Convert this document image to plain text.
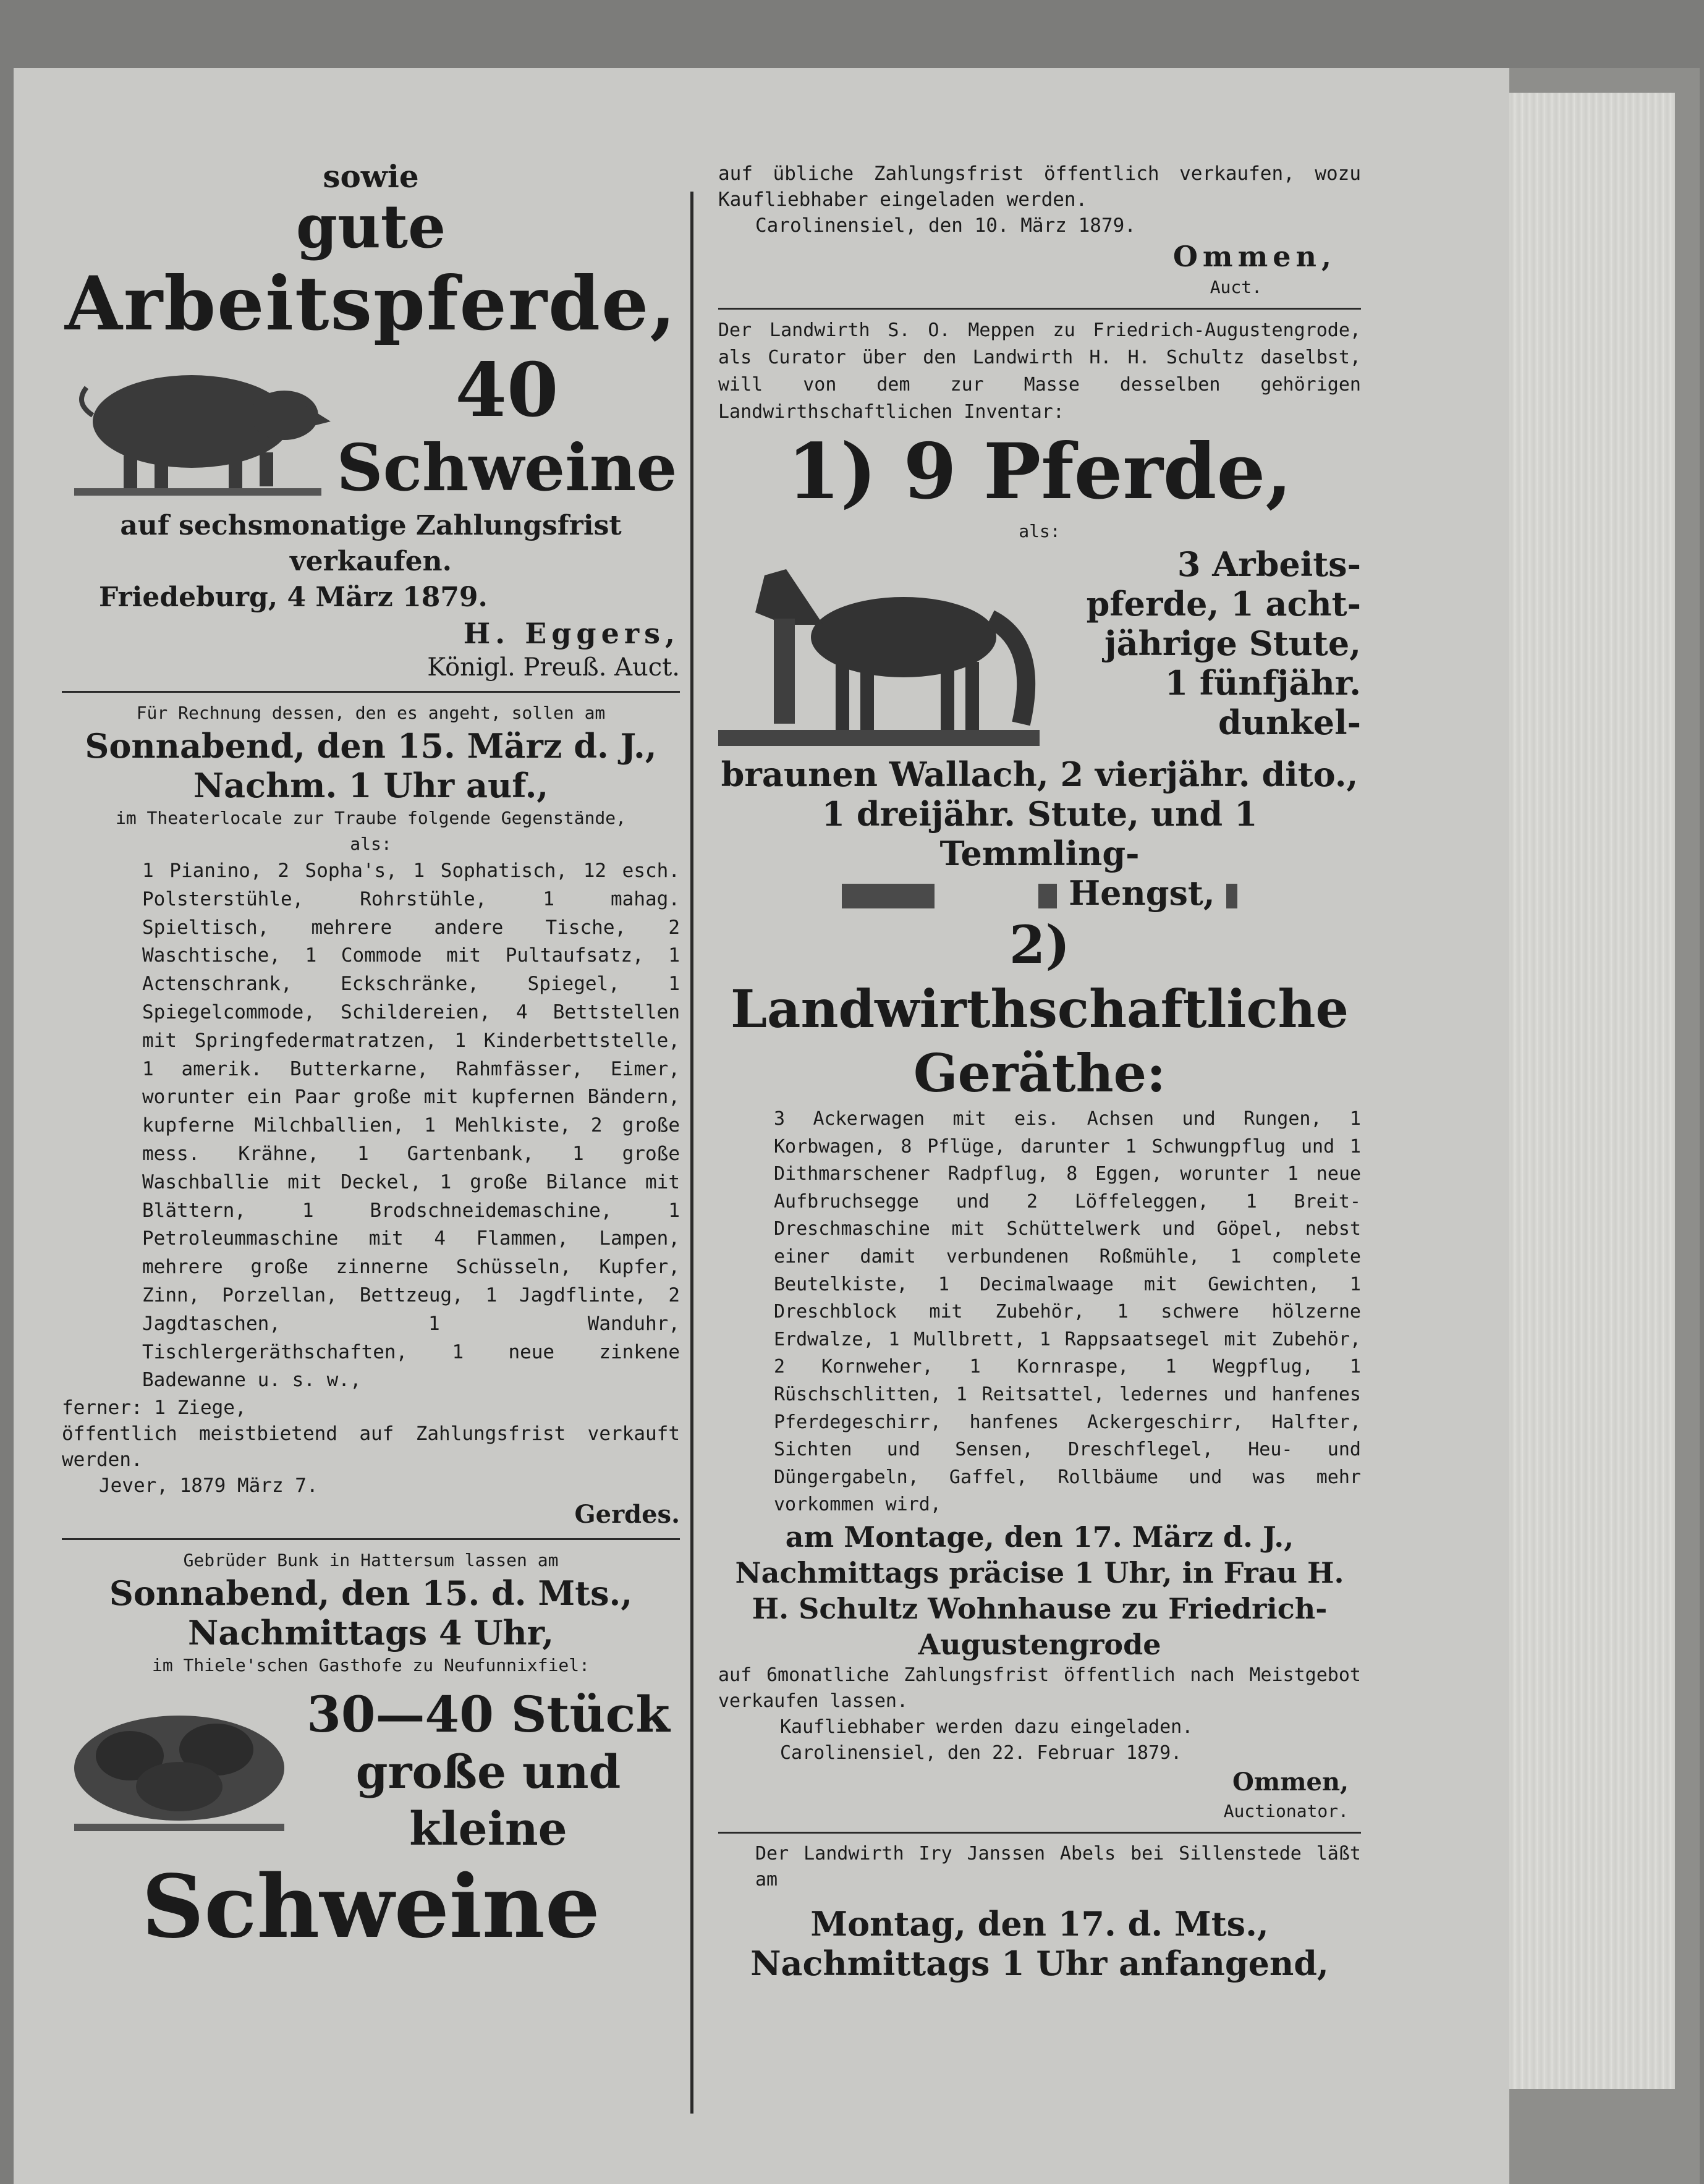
sowie

gute

Arbeitspferde,

40

Schweine

auf sechsmonatige Zahlungsfrist verkaufen.

Friedeburg, 4 März 1879.

H. Eggers,

Königl. Preuß. Auct.

Für Rechnung dessen, den es angeht, sollen am

Sonnabend, den 15. März d. J.,

Nachm. 1 Uhr auf.,

im Theaterlocale zur Traube folgende Gegenstände,

als:

1 Pianino, 2 Sopha's, 1 Sophatisch, 12 esch. Polsterstühle, Rohrstühle, 1 mahag. Spieltisch, mehrere andere Tische, 2 Waschtische, 1 Commode mit Pultaufsatz, 1 Actenschrank, Eckschränke, Spiegel, 1 Spiegelcommode, Schildereien, 4 Bettstellen mit Springfedermatratzen, 1 Kinderbettstelle, 1 amerik. Butterkarne, Rahmfässer, Eimer, worunter ein Paar große mit kupfernen Bändern, kupferne Milchballien, 1 Mehlkiste, 2 große mess. Krähne, 1 Gartenbank, 1 große Waschballie mit Deckel, 1 große Bilance mit Blättern, 1 Brodschneidemaschine, 1 Petroleummaschine mit 4 Flammen, Lampen, mehrere große zinnerne Schüsseln, Kupfer, Zinn, Porzellan, Bettzeug, 1 Jagdflinte, 2 Jagdtaschen, 1 Wanduhr, Tischlergeräthschaften, 1 neue zinkene Badewanne u. s. w.,

ferner: 1 Ziege,

öffentlich meistbietend auf Zahlungsfrist verkauft werden.

Jever, 1879 März 7.

Gerdes.

Gebrüder Bunk in Hattersum lassen am

Sonnabend, den 15. d. Mts.,

Nachmittags 4 Uhr,

im Thiele'schen Gasthofe zu Neufunnixfiel:

30—40 Stück

große und kleine

Schweine

auf übliche Zahlungsfrist öffentlich verkaufen, wozu Kaufliebhaber eingeladen werden.

Carolinensiel, den 10. März 1879.

Ommen,

Auct.

Der Landwirth S. O. Meppen zu Friedrich-Augustengrode, als Curator über den Landwirth H. H. Schultz daselbst, will von dem zur Masse desselben gehörigen Landwirthschaftlichen Inventar:

1) 9 Pferde,

als:

3 Arbeits-

pferde, 1 acht-

jährige Stute,

1 fünfjähr.

dunkel-

braunen Wallach, 2 vierjähr. dito.,

1 dreijähr. Stute, und 1 Temmling-

Hengst,

2) Landwirthschaftliche

Geräthe:

3 Ackerwagen mit eis. Achsen und Rungen, 1 Korbwagen, 8 Pflüge, darunter 1 Schwungpflug und 1 Dithmarschener Radpflug, 8 Eggen, worunter 1 neue Aufbruchsegge und 2 Löffeleggen, 1 Breit-Dreschmaschine mit Schüttelwerk und Göpel, nebst einer damit verbundenen Roßmühle, 1 complete Beutelkiste, 1 Decimalwaage mit Gewichten, 1 Dreschblock mit Zubehör, 1 schwere hölzerne Erdwalze, 1 Mullbrett, 1 Rappsaatsegel mit Zubehör, 2 Kornweher, 1 Kornraspe, 1 Wegpflug, 1 Rüschschlitten, 1 Reitsattel, ledernes und hanfenes Pferdegeschirr, hanfenes Ackergeschirr, Halfter, Sichten und Sensen, Dreschflegel, Heu- und Düngergabeln, Gaffel, Rollbäume und was mehr vorkommen wird,

am Montage, den 17. März d. J., Nachmittags präcise 1 Uhr, in Frau H. H. Schultz Wohnhause zu Friedrich-Augustengrode

auf 6monatliche Zahlungsfrist öffentlich nach Meistgebot verkaufen lassen.

Kaufliebhaber werden dazu eingeladen.

Carolinensiel, den 22. Februar 1879.

Ommen,

Auctionator.

Der Landwirth Iry Janssen Abels bei Sillenstede läßt am

Montag, den 17. d. Mts.,

Nachmittags 1 Uhr anfangend,
